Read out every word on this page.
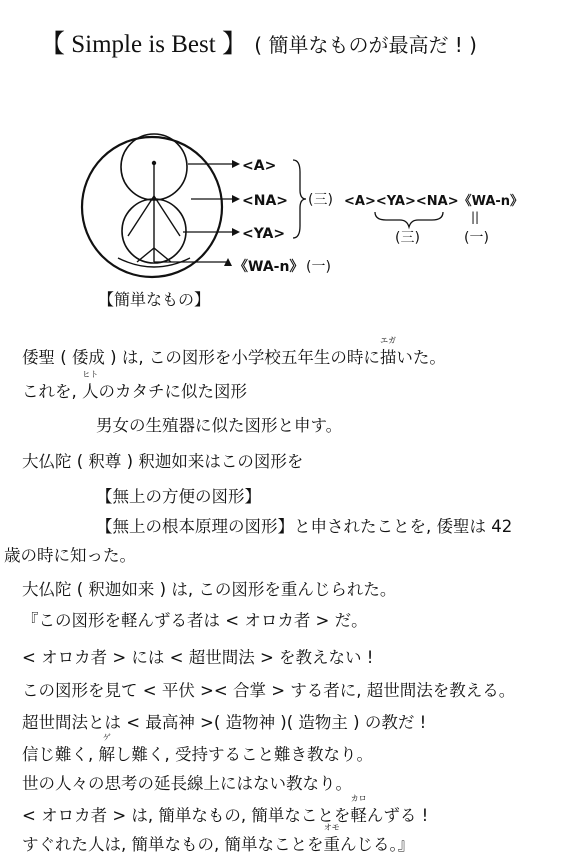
【 Simple is Best 】 ( 簡単なものが最高だ ! )
<A>
<NA>
<YA>
《WA-n》 (一)
(三) <A><YA><NA>《WA-n》
||
(三)	(一)
【簡単なもの】
倭聖 ( 倭成 ) は, この図形を小学校五年生の時に描
エガ
いた。
これを, 人
ヒト
のカタチに似た図形
男女の生殖器に似た図形と申す。
大仏陀 ( 釈尊 ) 釈迦如来はこの図形を
【無上の方便の図形】
【無上の根本原理の図形】と申されたことを, 倭聖は 42
歳の時に知った。
大仏陀 ( 釈迦如来 ) は, この図形を重んじられた。
『この図形を軽んずる者は < オロカ者 > だ。
< オロカ者 > には < 超世間法 > を教えない !
この図形を見て < 平伏 >< 合掌 > する者に, 超世間法を教える。
超世間法とは < 最高神 >( 造物神 )( 造物主 ) の教だ !
信じ難く, 解
ゲ
し難く, 受持すること難き教なり。
世の人々の思考の延長線上にはない教なり。
< オロカ者 > は, 簡単なもの, 簡単なことを軽
カロ
んずる !
すぐれた人は, 簡単なもの, 簡単なことを重
オモ
んじる。』
